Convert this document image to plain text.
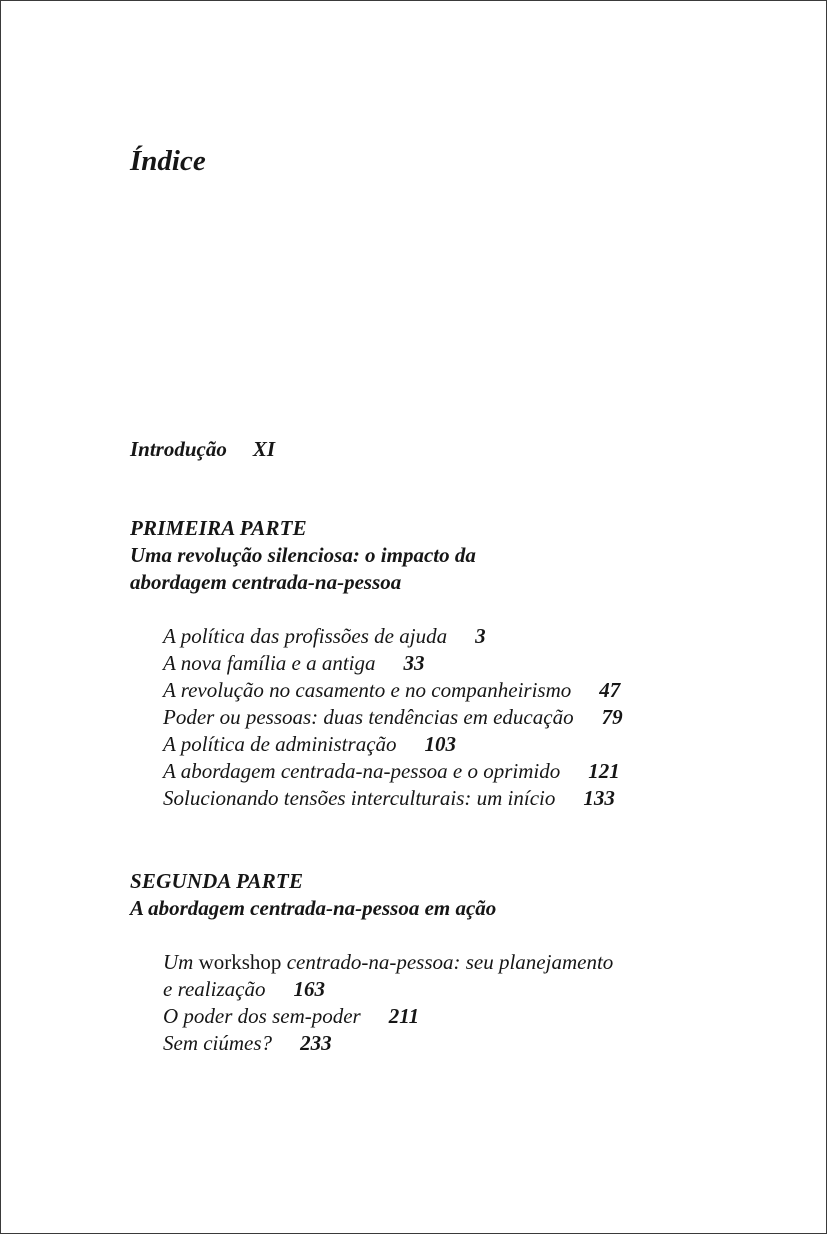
Índice
Introdução XI
PRIMEIRA PARTE
Uma revolução silenciosa: o impacto da
abordagem centrada-na-pessoa
A política das profissões de ajuda 3
A nova família e a antiga 33
A revolução no casamento e no companheirismo 47
Poder ou pessoas: duas tendências em educação 79
A política de administração 103
A abordagem centrada-na-pessoa e o oprimido 121
Solucionando tensões interculturais: um início 133
SEGUNDA PARTE
A abordagem centrada-na-pessoa em ação
Um workshop centrado-na-pessoa: seu planejamento
e realização 163
O poder dos sem-poder 211
Sem ciúmes? 233
